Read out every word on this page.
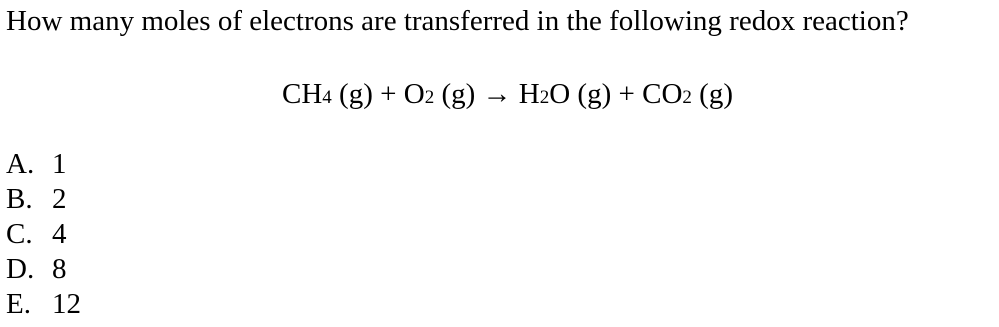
How many moles of electrons are transferred in the following redox reaction?
CH4 (g) + O2 (g) → H2O (g) + CO2 (g)
A. 1
B. 2
C. 4
D. 8
E. 12
